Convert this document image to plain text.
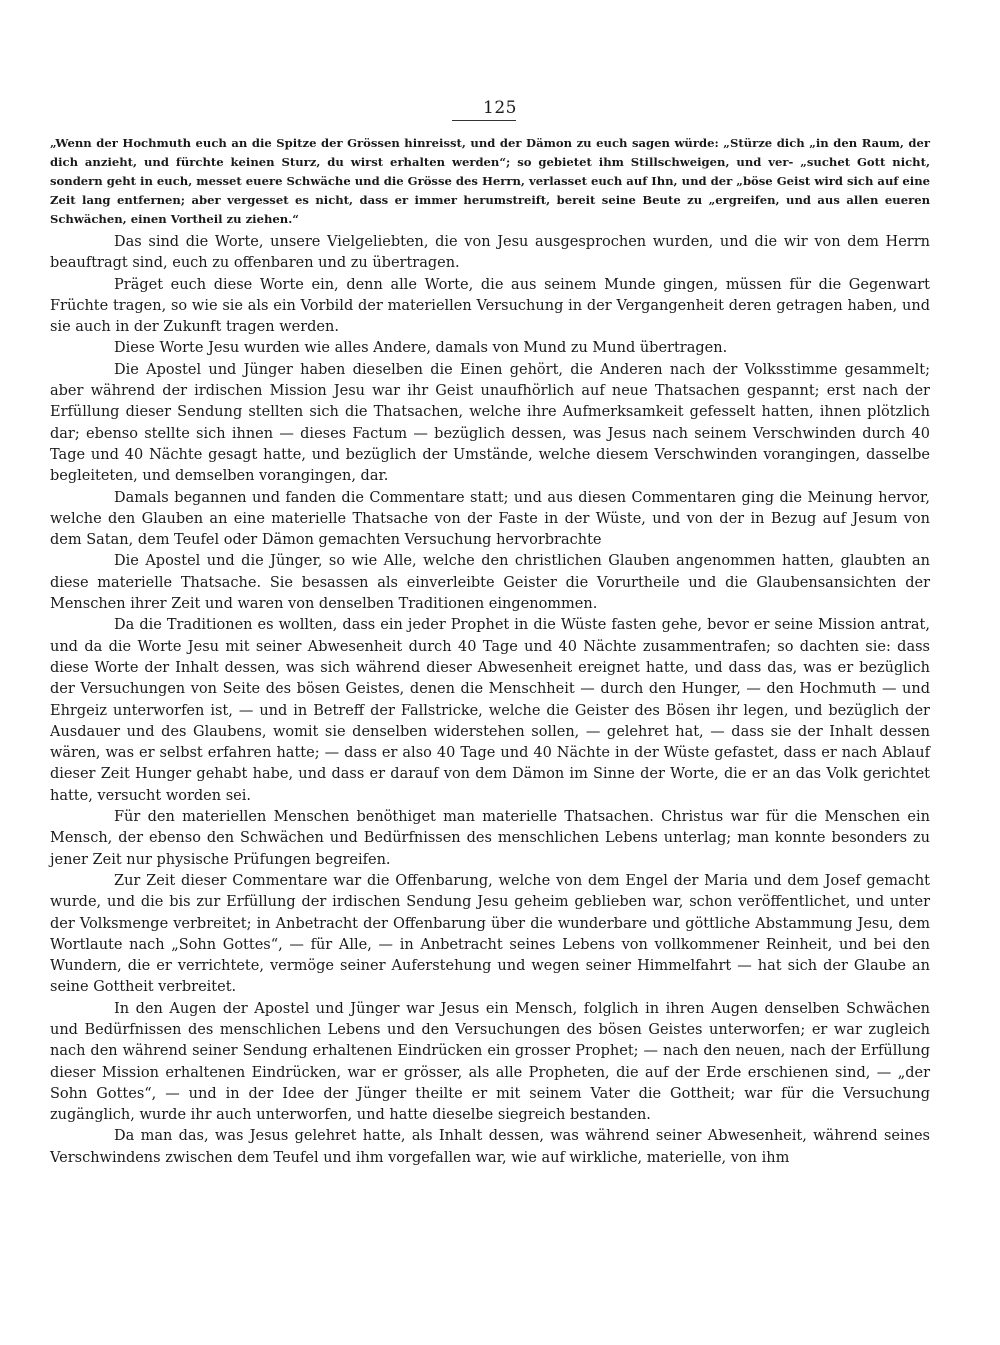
125

„Wenn der Hochmuth euch an die Spitze der Grössen hinreisst, und der Dämon zu euch sagen würde: „Stürze dich „in den Raum, der dich anzieht, und fürchte keinen Sturz, du wirst erhalten werden“; so gebietet ihm Stillschweigen, und ver- „suchet Gott nicht, sondern geht in euch, messet euere Schwäche und die Grösse des Herrn, verlasset euch auf Ihn, und der „böse Geist wird sich auf eine Zeit lang entfernen; aber vergesset es nicht, dass er immer herumstreift, bereit seine Beute zu „ergreifen, und aus allen eueren Schwächen, einen Vortheil zu ziehen.“

Das sind die Worte, unsere Vielgeliebten, die von Jesu ausgesprochen wurden, und die wir von dem Herrn beauftragt sind, euch zu offenbaren und zu übertragen.

Präget euch diese Worte ein, denn alle Worte, die aus seinem Munde gingen, müssen für die Gegenwart Früchte tragen, so wie sie als ein Vorbild der materiellen Versuchung in der Vergangenheit deren getragen haben, und sie auch in der Zukunft tragen werden.

Diese Worte Jesu wurden wie alles Andere, damals von Mund zu Mund übertragen.

Die Apostel und Jünger haben dieselben die Einen gehört, die Anderen nach der Volksstimme gesammelt; aber während der irdischen Mission Jesu war ihr Geist unaufhörlich auf neue Thatsachen gespannt; erst nach der Erfüllung dieser Sendung stellten sich die Thatsachen, welche ihre Aufmerksamkeit gefesselt hatten, ihnen plötzlich dar; ebenso stellte sich ihnen — dieses Factum — bezüglich dessen, was Jesus nach seinem Verschwinden durch 40 Tage und 40 Nächte gesagt hatte, und bezüglich der Umstände, welche diesem Verschwinden vorangingen, dasselbe begleiteten, und demselben vorangingen, dar.

Damals begannen und fanden die Commentare statt; und aus diesen Commentaren ging die Meinung hervor, welche den Glauben an eine materielle Thatsache von der Faste in der Wüste, und von der in Bezug auf Jesum von dem Satan, dem Teufel oder Dämon gemachten Versuchung hervorbrachte

Die Apostel und die Jünger, so wie Alle, welche den christlichen Glauben angenommen hatten, glaubten an diese materielle Thatsache. Sie besassen als einverleibte Geister die Vorurtheile und die Glaubensansichten der Menschen ihrer Zeit und waren von denselben Traditionen eingenommen.

Da die Traditionen es wollten, dass ein jeder Prophet in die Wüste fasten gehe, bevor er seine Mission antrat, und da die Worte Jesu mit seiner Abwesenheit durch 40 Tage und 40 Nächte zusammentrafen; so dachten sie: dass diese Worte der Inhalt dessen, was sich während dieser Abwesenheit ereignet hatte, und dass das, was er bezüglich der Versuchungen von Seite des bösen Geistes, denen die Menschheit — durch den Hunger, — den Hochmuth — und Ehrgeiz unterworfen ist, — und in Betreff der Fallstricke, welche die Geister des Bösen ihr legen, und bezüglich der Ausdauer und des Glaubens, womit sie denselben widerstehen sollen, — gelehret hat, — dass sie der Inhalt dessen wären, was er selbst erfahren hatte; — dass er also 40 Tage und 40 Nächte in der Wüste gefastet, dass er nach Ablauf dieser Zeit Hunger gehabt habe, und dass er darauf von dem Dämon im Sinne der Worte, die er an das Volk gerichtet hatte, versucht worden sei.

Für den materiellen Menschen benöthiget man materielle Thatsachen. Christus war für die Menschen ein Mensch, der ebenso den Schwächen und Bedürfnissen des menschlichen Lebens unterlag; man konnte besonders zu jener Zeit nur physische Prüfungen begreifen.

Zur Zeit dieser Commentare war die Offenbarung, welche von dem Engel der Maria und dem Josef gemacht wurde, und die bis zur Erfüllung der irdischen Sendung Jesu geheim geblieben war, schon veröffentlichet, und unter der Volksmenge verbreitet; in Anbetracht der Offenbarung über die wunderbare und göttliche Abstammung Jesu, dem Wortlaute nach „Sohn Gottes“, — für Alle, — in Anbetracht seines Lebens von vollkommener Reinheit, und bei den Wundern, die er verrichtete, vermöge seiner Auferstehung und wegen seiner Himmelfahrt — hat sich der Glaube an seine Gottheit verbreitet.

In den Augen der Apostel und Jünger war Jesus ein Mensch, folglich in ihren Augen denselben Schwächen und Bedürfnissen des menschlichen Lebens und den Versuchungen des bösen Geistes unterworfen; er war zugleich nach den während seiner Sendung erhaltenen Eindrücken ein grosser Prophet; — nach den neuen, nach der Erfüllung dieser Mission erhaltenen Eindrücken, war er grösser, als alle Propheten, die auf der Erde erschienen sind, — „der Sohn Gottes“, — und in der Idee der Jünger theilte er mit seinem Vater die Gottheit; war für die Versuchung zugänglich, wurde ihr auch unterworfen, und hatte dieselbe siegreich bestanden.

Da man das, was Jesus gelehret hatte, als Inhalt dessen, was während seiner Abwesenheit, während seines Verschwindens zwischen dem Teufel und ihm vorgefallen war, wie auf wirkliche, materielle, von ihm
